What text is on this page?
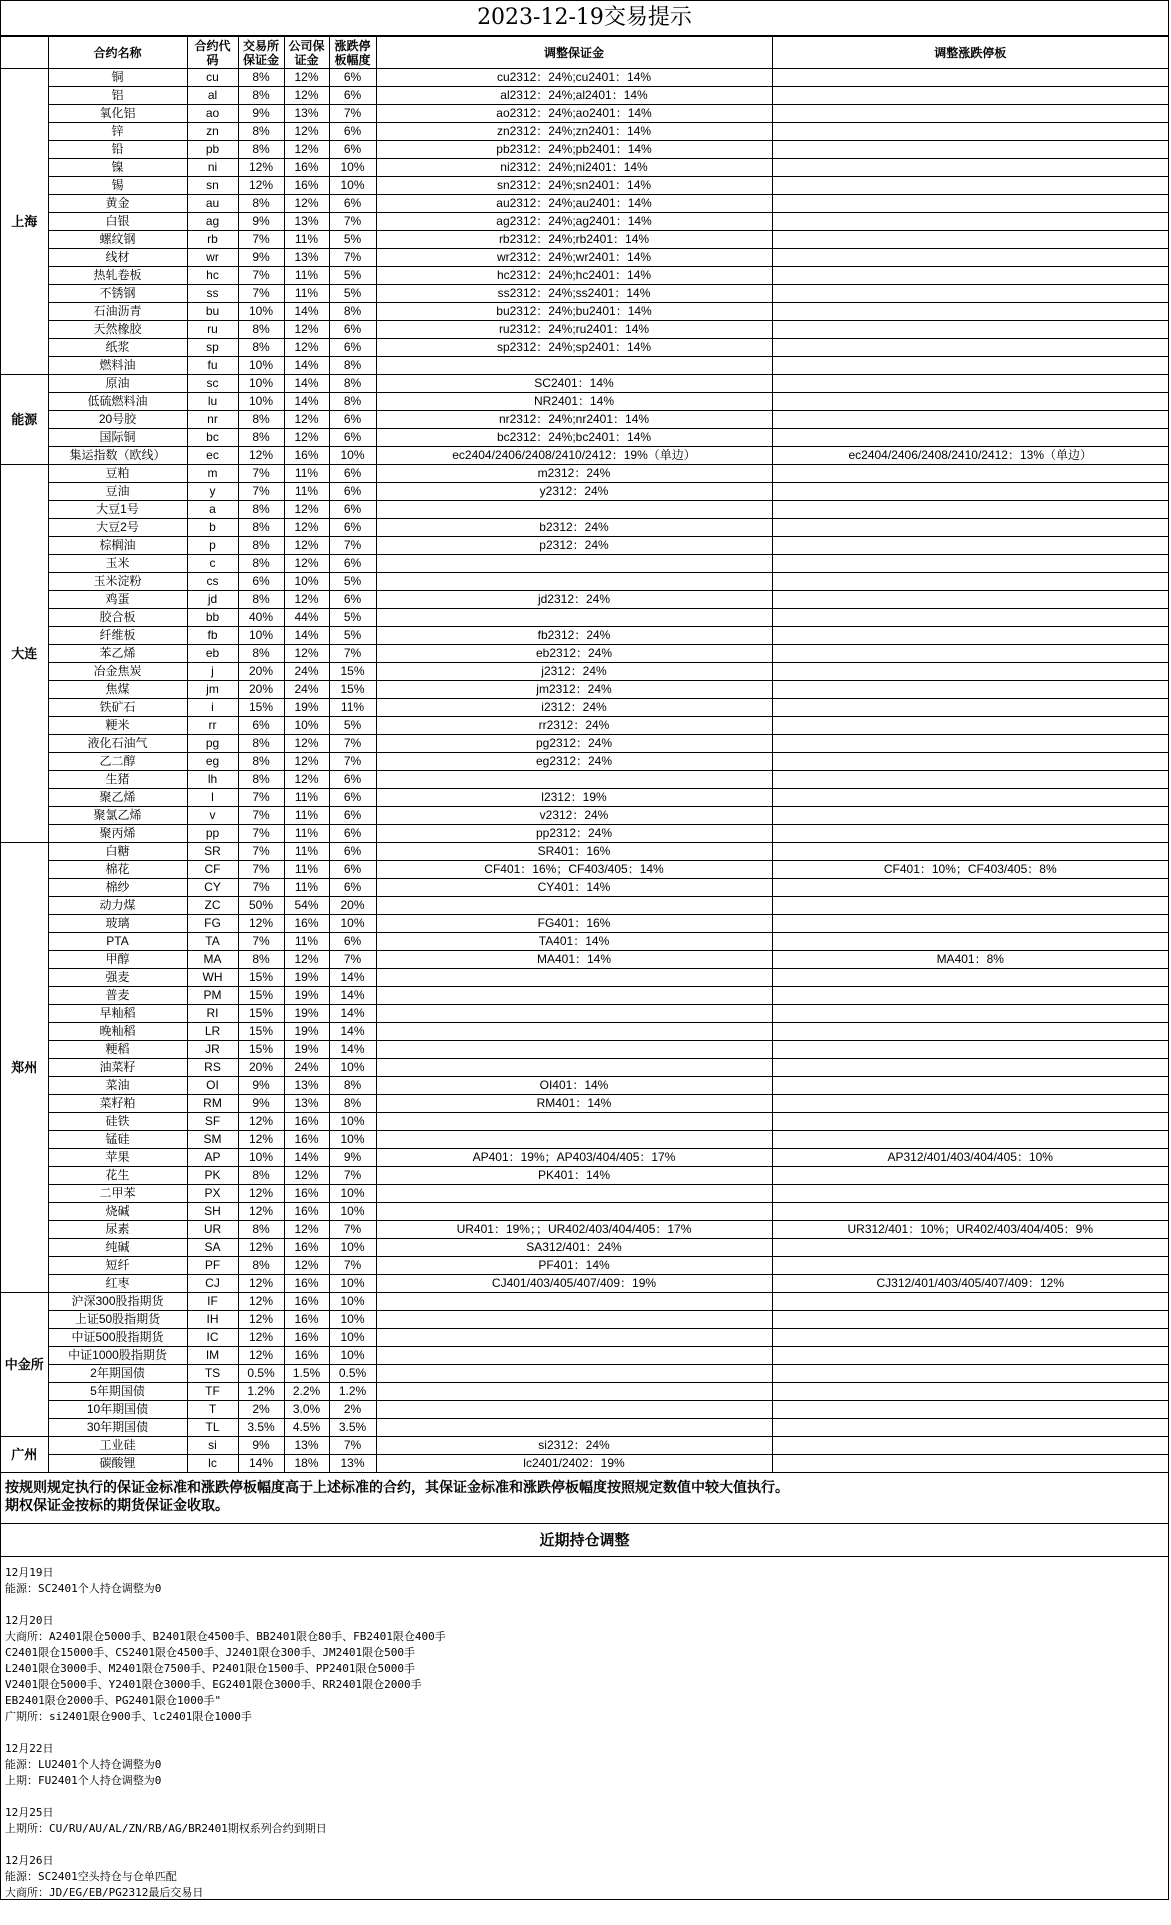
2023-12-19交易提示
	合约名称	合约代码	交易所保证金	公司保证金	涨跌停板幅度	调整保证金	调整涨跌停板
上海	铜	cu	8%	12%	6%	cu2312：24%;cu2401：14%	
	铝	al	8%	12%	6%	al2312：24%;al2401：14%	
	氧化铝	ao	9%	13%	7%	ao2312：24%;ao2401：14%	
	锌	zn	8%	12%	6%	zn2312：24%;zn2401：14%	
	铅	pb	8%	12%	6%	pb2312：24%;pb2401：14%	
	镍	ni	12%	16%	10%	ni2312：24%;ni2401：14%	
	锡	sn	12%	16%	10%	sn2312：24%;sn2401：14%	
	黄金	au	8%	12%	6%	au2312：24%;au2401：14%	
	白银	ag	9%	13%	7%	ag2312：24%;ag2401：14%	
	螺纹钢	rb	7%	11%	5%	rb2312：24%;rb2401：14%	
	线材	wr	9%	13%	7%	wr2312：24%;wr2401：14%	
	热轧卷板	hc	7%	11%	5%	hc2312：24%;hc2401：14%	
	不锈钢	ss	7%	11%	5%	ss2312：24%;ss2401：14%	
	石油沥青	bu	10%	14%	8%	bu2312：24%;bu2401：14%	
	天然橡胶	ru	8%	12%	6%	ru2312：24%;ru2401：14%	
	纸浆	sp	8%	12%	6%	sp2312：24%;sp2401：14%	
	燃料油	fu	10%	14%	8%		
能源	原油	sc	10%	14%	8%	SC2401：14%	
	低硫燃料油	lu	10%	14%	8%	NR2401：14%	
	20号胶	nr	8%	12%	6%	nr2312：24%;nr2401：14%	
	国际铜	bc	8%	12%	6%	bc2312：24%;bc2401：14%	
	集运指数（欧线）	ec	12%	16%	10%	ec2404/2406/2408/2410/2412：19%（单边）	ec2404/2406/2408/2410/2412：13%（单边）
大连	豆粕	m	7%	11%	6%	m2312：24%	
	豆油	y	7%	11%	6%	y2312：24%	
	大豆1号	a	8%	12%	6%		
	大豆2号	b	8%	12%	6%	b2312：24%	
	棕榈油	p	8%	12%	7%	p2312：24%	
	玉米	c	8%	12%	6%		
	玉米淀粉	cs	6%	10%	5%		
	鸡蛋	jd	8%	12%	6%	jd2312：24%	
	胶合板	bb	40%	44%	5%		
	纤维板	fb	10%	14%	5%	fb2312：24%	
	苯乙烯	eb	8%	12%	7%	eb2312：24%	
	冶金焦炭	j	20%	24%	15%	j2312：24%	
	焦煤	jm	20%	24%	15%	jm2312：24%	
	铁矿石	i	15%	19%	11%	i2312：24%	
	粳米	rr	6%	10%	5%	rr2312：24%	
	液化石油气	pg	8%	12%	7%	pg2312：24%	
	乙二醇	eg	8%	12%	7%	eg2312：24%	
	生猪	lh	8%	12%	6%		
	聚乙烯	l	7%	11%	6%	l2312：19%	
	聚氯乙烯	v	7%	11%	6%	v2312：24%	
	聚丙烯	pp	7%	11%	6%	pp2312：24%	
郑州	白糖	SR	7%	11%	6%	SR401：16%	
	棉花	CF	7%	11%	6%	CF401：16%；CF403/405：14%	CF401：10%；CF403/405：8%
	棉纱	CY	7%	11%	6%	CY401：14%	
	动力煤	ZC	50%	54%	20%		
	玻璃	FG	12%	16%	10%	FG401：16%	
	PTA	TA	7%	11%	6%	TA401：14%	
	甲醇	MA	8%	12%	7%	MA401：14%	MA401：8%
	强麦	WH	15%	19%	14%		
	普麦	PM	15%	19%	14%		
	早籼稻	RI	15%	19%	14%		
	晚籼稻	LR	15%	19%	14%		
	粳稻	JR	15%	19%	14%		
	油菜籽	RS	20%	24%	10%		
	菜油	OI	9%	13%	8%	OI401：14%	
	菜籽粕	RM	9%	13%	8%	RM401：14%	
	硅铁	SF	12%	16%	10%		
	锰硅	SM	12%	16%	10%		
	苹果	AP	10%	14%	9%	AP401：19%；AP403/404/405：17%	AP312/401/403/404/405：10%
	花生	PK	8%	12%	7%	PK401：14%	
	二甲苯	PX	12%	16%	10%		
	烧碱	SH	12%	16%	10%		
	尿素	UR	8%	12%	7%	UR401：19%；；UR402/403/404/405：17%	UR312/401：10%；UR402/403/404/405：9%
	纯碱	SA	12%	16%	10%	SA312/401：24%	
	短纤	PF	8%	12%	7%	PF401：14%	
	红枣	CJ	12%	16%	10%	CJ401/403/405/407/409：19%	CJ312/401/403/405/407/409：12%
中金所	沪深300股指期货	IF	12%	16%	10%		
	上证50股指期货	IH	12%	16%	10%		
	中证500股指期货	IC	12%	16%	10%		
	中证1000股指期货	IM	12%	16%	10%		
	2年期国债	TS	0.5%	1.5%	0.5%		
	5年期国债	TF	1.2%	2.2%	1.2%		
	10年期国债	T	2%	3.0%	2%		
	30年期国债	TL	3.5%	4.5%	3.5%		
广州	工业硅	si	9%	13%	7%	si2312：24%	
	碳酸锂	lc	14%	18%	13%	lc2401/2402：19%	
按规则规定执行的保证金标准和涨跌停板幅度高于上述标准的合约，其保证金标准和涨跌停板幅度按照规定数值中较大值执行。
期权保证金按标的期货保证金收取。
近期持仓调整
12月19日
能源：SC2401个人持仓调整为0
12月20日
大商所：A2401限仓5000手、B2401限仓4500手、BB2401限仓80手、FB2401限仓400手
C2401限仓15000手、CS2401限仓4500手、J2401限仓300手、JM2401限仓500手
L2401限仓3000手、M2401限仓7500手、P2401限仓1500手、PP2401限仓5000手
V2401限仓5000手、Y2401限仓3000手、EG2401限仓3000手、RR2401限仓2000手
EB2401限仓2000手、PG2401限仓1000手"
广期所：si2401限仓900手、lc2401限仓1000手
12月22日
能源：LU2401个人持仓调整为0
上期：FU2401个人持仓调整为0
12月25日
上期所：CU/RU/AU/AL/ZN/RB/AG/BR2401期权系列合约到期日
12月26日
能源：SC2401空头持仓与仓单匹配
大商所：JD/EG/EB/PG2312最后交易日
